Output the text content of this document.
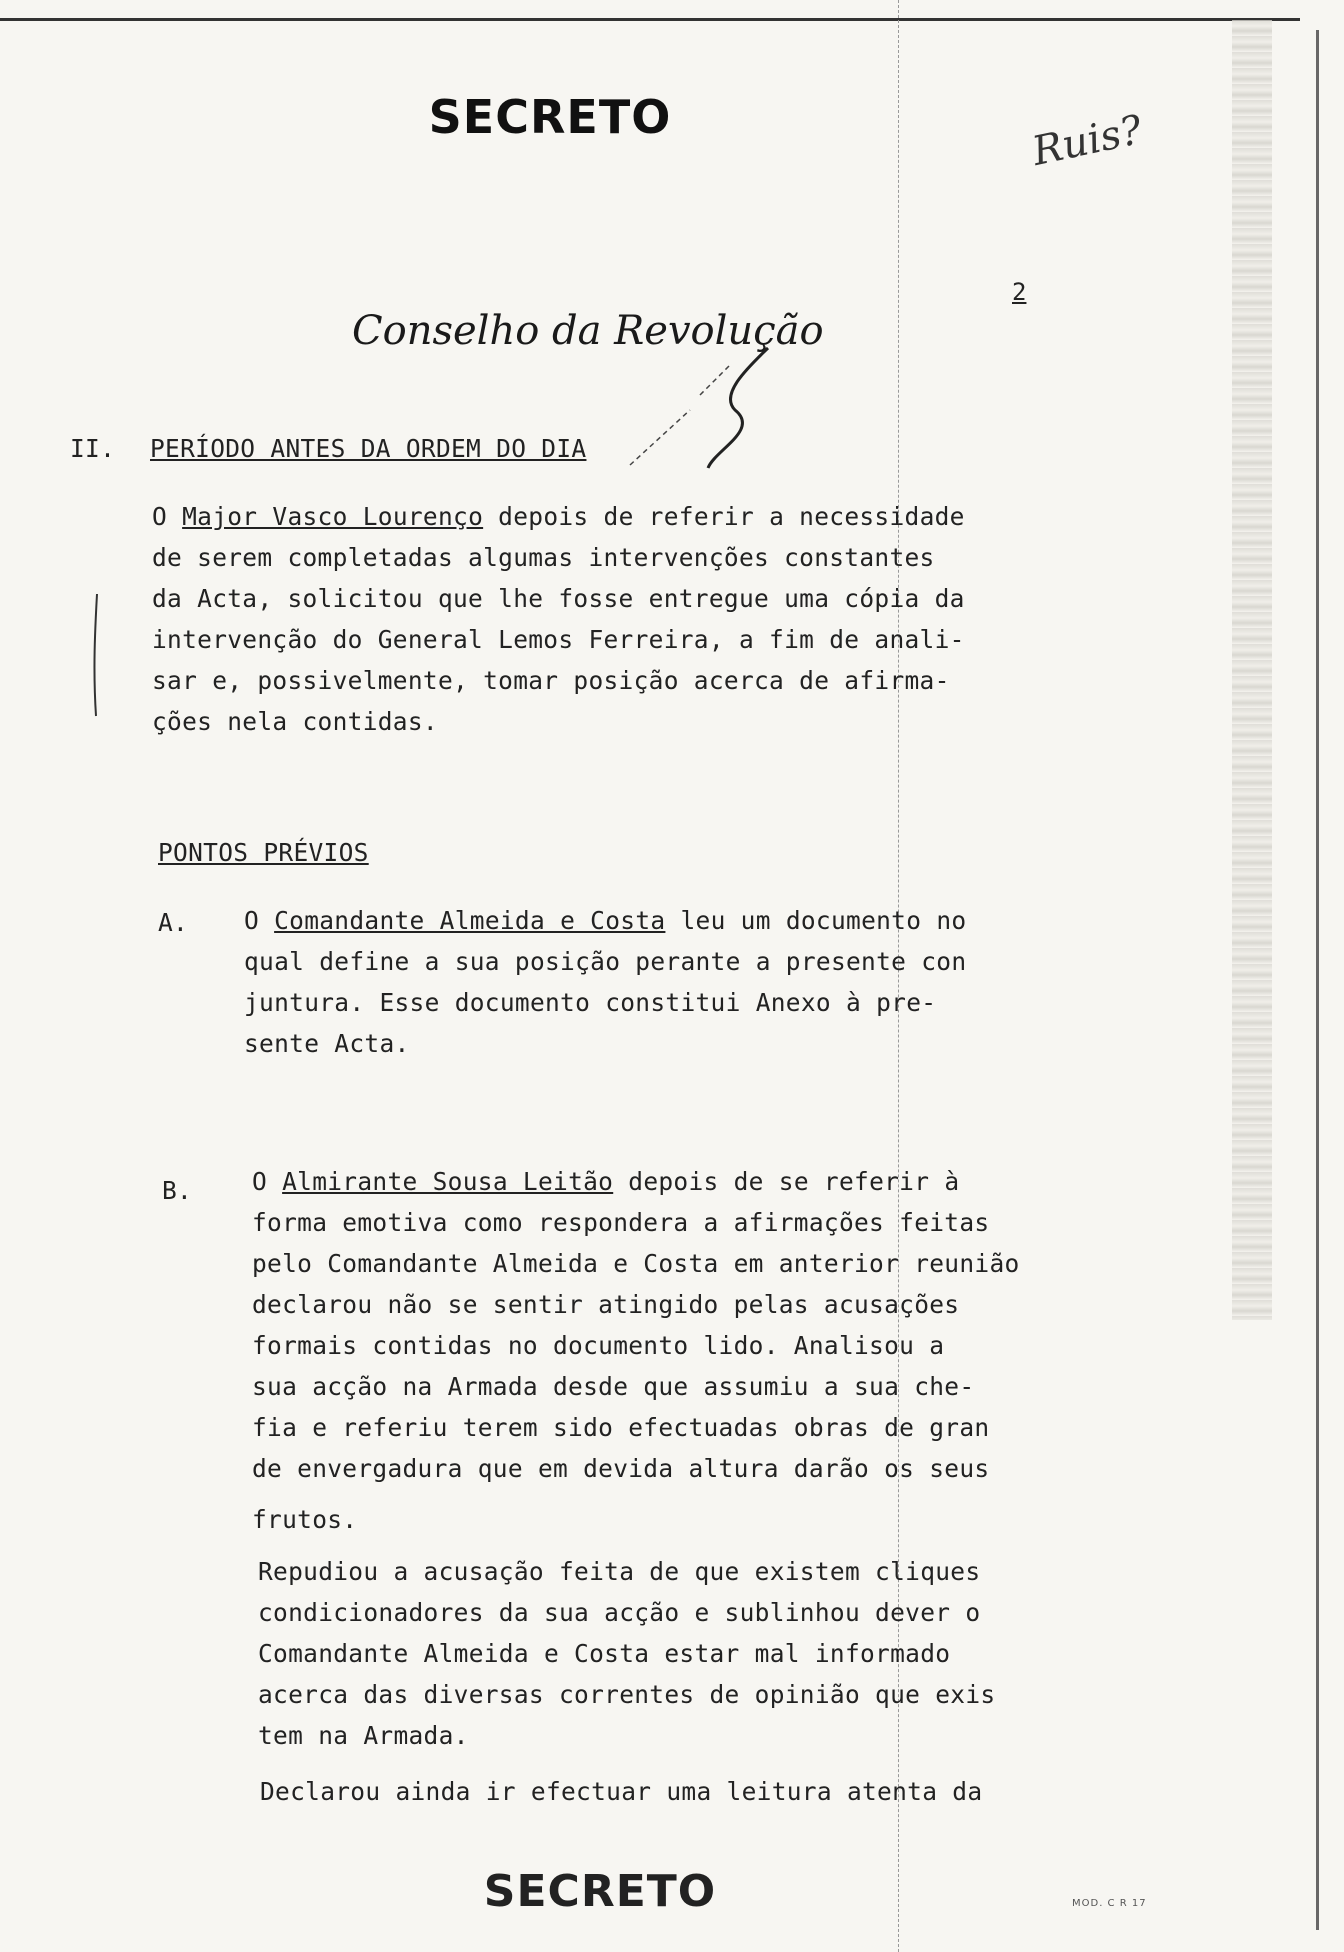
SECRETO	Ruis?
2
Conselho da Revolução
II. PERÍODO ANTES DA ORDEM DO DIA
O Major Vasco Lourenço depois de referir a necessidade
de serem completadas algumas intervenções constantes
da Acta, solicitou que lhe fosse entregue uma cópia da
intervenção do General Lemos Ferreira, a fim de anali-
sar e, possivelmente, tomar posição acerca de afirma-
ções nela contidas.
PONTOS PRÉVIOS
A. O Comandante Almeida e Costa leu um documento no
qual define a sua posição perante a presente con
juntura. Esse documento constitui Anexo à pre-
sente Acta.
B. O Almirante Sousa Leitão depois de se referir à
forma emotiva como respondera a afirmações feitas
pelo Comandante Almeida e Costa em anterior reunião
declarou não se sentir atingido pelas acusações
formais contidas no documento lido. Analisou a
sua acção na Armada desde que assumiu a sua che-
fia e referiu terem sido efectuadas obras de gran
de envergadura que em devida altura darão os seus
frutos.
Repudiou a acusação feita de que existem cliques
condicionadores da sua acção e sublinhou dever o
Comandante Almeida e Costa estar mal informado
acerca das diversas correntes de opinião que exis
tem na Armada.
Declarou ainda ir efectuar uma leitura atenta da
SECRETO	MOD. C R 17
